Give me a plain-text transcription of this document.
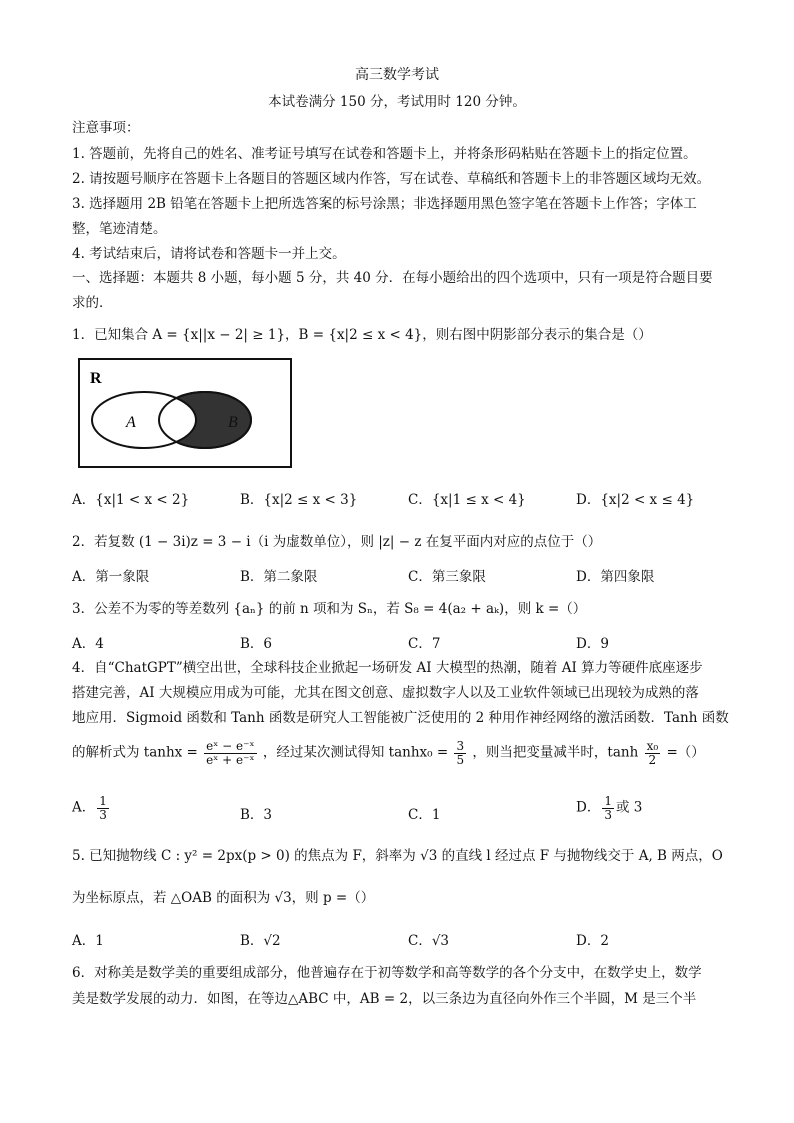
高三数学考试
本试卷满分 150 分，考试用时 120 分钟。
注意事项：
1. 答题前，先将自己的姓名、准考证号填写在试卷和答题卡上，并将条形码粘贴在答题卡上的指定位置。
2. 请按题号顺序在答题卡上各题目的答题区域内作答，写在试卷、草稿纸和答题卡上的非答题区域均无效。
3. 选择题用 2B 铅笔在答题卡上把所选答案的标号涂黑；非选择题用黑色签字笔在答题卡上作答；字体工
整，笔迹清楚。
4. 考试结束后，请将试卷和答题卡一并上交。
一、选择题：本题共 8 小题，每小题 5 分，共 40 分．在每小题给出的四个选项中，只有一项是符合题目要
求的．
1．已知集合 A = {x||x − 2| ≥ 1}，B = {x|2 ≤ x < 4}，则右图中阴影部分表示的集合是（）
R
A	B
A．{x|1 < x < 2}	B．{x|2 ≤ x < 3}	C．{x|1 ≤ x < 4}	D．{x|2 < x ≤ 4}
2．若复数 (1 − 3i)z = 3 − i（i 为虚数单位），则 |z| − z 在复平面内对应的点位于（）
A．第一象限	B．第二象限	C．第三象限	D．第四象限
3．公差不为零的等差数列 {aₙ} 的前 n 项和为 Sₙ，若 S₈ = 4(a₂ + aₖ)，则 k =（）
A．4	B．6	C．7	D．9
4．自“ChatGPT”横空出世，全球科技企业掀起一场研发 AI 大模型的热潮，随着 AI 算力等硬件底座逐步
搭建完善，AI 大规模应用成为可能，尤其在图文创意、虚拟数字人以及工业软件领域已出现较为成熟的落
地应用．Sigmoid 函数和 Tanh 函数是研究人工智能被广泛使用的 2 种用作神经网络的激活函数．Tanh 函数
的解析式为 $\tanh x = \frac{\text{eˣ − e⁻ˣ}}{\text{eˣ + e⁻ˣ}}$ ，经过某次测试得知 $\tanh x_0 = \frac{3}{5}$ ，则当把变量减半时，$\tanh \frac{\text{x₀}}{2}$ =（）
A． $\frac{1}{3}$	B．3	C．1	D． $\frac{1}{3}$ 或 3
5. 已知抛物线 C : y² = 2px(p > 0) 的焦点为 F，斜率为 √3 的直线 l 经过点 F 与抛物线交于 A, B 两点，O
为坐标原点，若 △OAB 的面积为 √3，则 p =（）
A．1	B．√2	C．√3	D．2
6．对称美是数学美的重要组成部分，他普遍存在于初等数学和高等数学的各个分支中，在数学史上，数学
美是数学发展的动力．如图，在等边△ABC 中，AB = 2，以三条边为直径向外作三个半圆，M 是三个半
